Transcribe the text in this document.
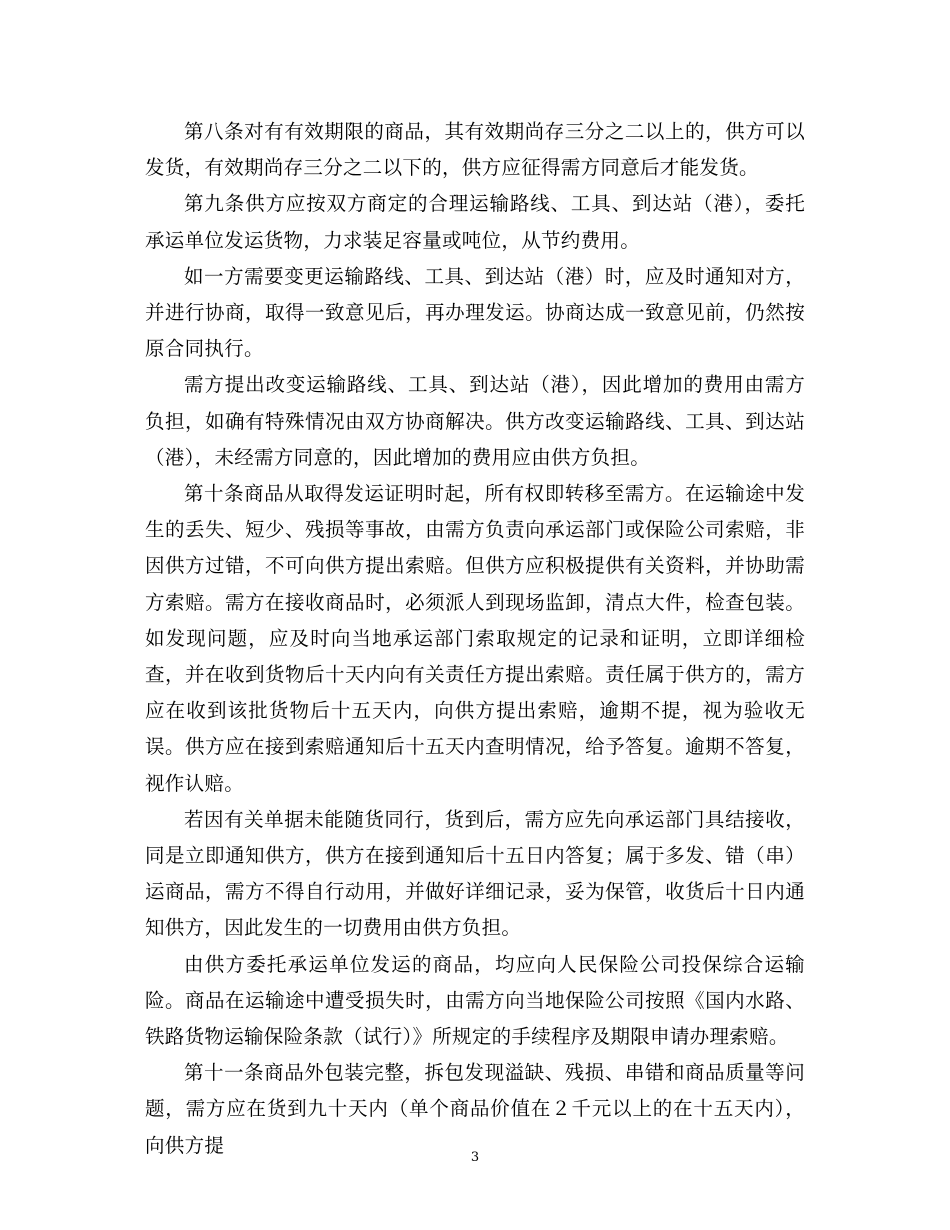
第八条对有有效期限的商品，其有效期尚存三分之二以上的，供方可以发货，有效期尚存三分之二以下的，供方应征得需方同意后才能发货。

第九条供方应按双方商定的合理运输路线、工具、到达站（港），委托承运单位发运货物，力求装足容量或吨位，从节约费用。

如一方需要变更运输路线、工具、到达站（港）时，应及时通知对方，并进行协商，取得一致意见后，再办理发运。协商达成一致意见前，仍然按原合同执行。

需方提出改变运输路线、工具、到达站（港），因此增加的费用由需方负担，如确有特殊情况由双方协商解决。供方改变运输路线、工具、到达站（港），未经需方同意的，因此增加的费用应由供方负担。

第十条商品从取得发运证明时起，所有权即转移至需方。在运输途中发生的丢失、短少、残损等事故，由需方负责向承运部门或保险公司索赔，非因供方过错，不可向供方提出索赔。但供方应积极提供有关资料，并协助需方索赔。需方在接收商品时，必须派人到现场监卸，清点大件，检查包装。如发现问题，应及时向当地承运部门索取规定的记录和证明，立即详细检查，并在收到货物后十天内向有关责任方提出索赔。责任属于供方的，需方应在收到该批货物后十五天内，向供方提出索赔，逾期不提，视为验收无误。供方应在接到索赔通知后十五天内查明情况，给予答复。逾期不答复，视作认赔。

若因有关单据未能随货同行，货到后，需方应先向承运部门具结接收，同是立即通知供方，供方在接到通知后十五日内答复；属于多发、错（串）运商品，需方不得自行动用，并做好详细记录，妥为保管，收货后十日内通知供方，因此发生的一切费用由供方负担。

由供方委托承运单位发运的商品，均应向人民保险公司投保综合运输险。商品在运输途中遭受损失时，由需方向当地保险公司按照《国内水路、铁路货物运输保险条款（试行）》所规定的手续程序及期限申请办理索赔。

第十一条商品外包装完整，拆包发现溢缺、残损、串错和商品质量等问题，需方应在货到九十天内（单个商品价值在２千元以上的在十五天内），向供方提

3
